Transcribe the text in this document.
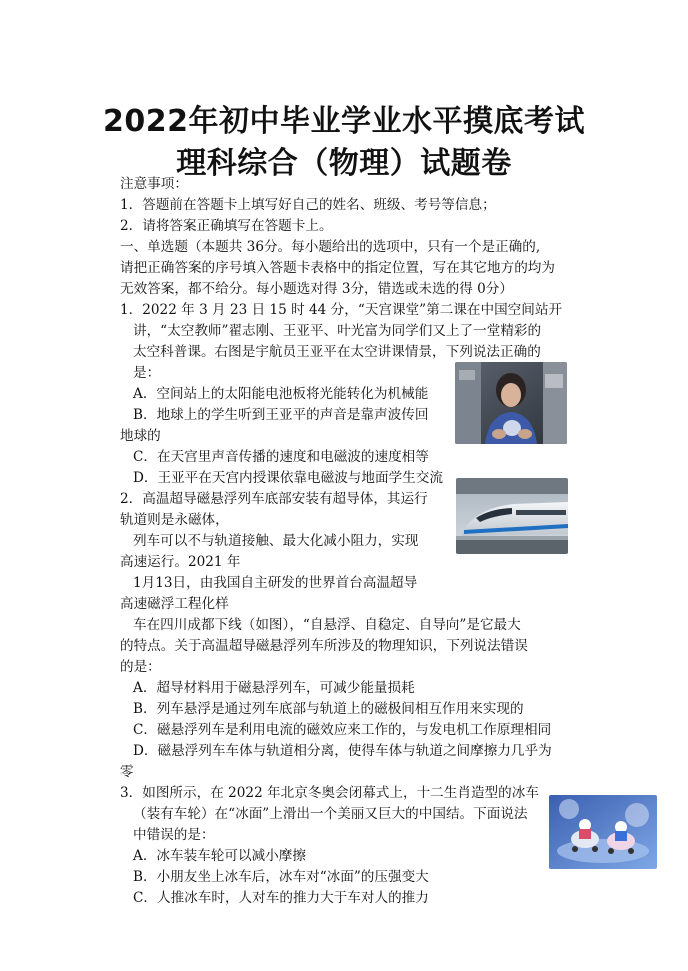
2022年初中毕业学业水平摸底考试
理科综合（物理）试题卷
注意事项：
1．答题前在答题卡上填写好自己的姓名、班级、考号等信息；
2．请将答案正确填写在答题卡上。
一、单选题（本题共 36分。每小题给出的选项中，只有一个是正确的,
请把正确答案的序号填入答题卡表格中的指定位置，写在其它地方的均为
无效答案，都不给分。每小题选对得 3分，错选或未选的得 0分）
1．2022 年 3 月 23 日 15 时 44 分，“天宫课堂”第二课在中国空间站开
讲，“太空教师”翟志刚、王亚平、叶光富为同学们又上了一堂精彩的
太空科普课。右图是宇航员王亚平在太空讲课情景，下列说法正确的
是：
A．空间站上的太阳能电池板将光能转化为机械能
B．地球上的学生听到王亚平的声音是靠声波传回
地球的
C．在天宫里声音传播的速度和电磁波的速度相等
D．王亚平在天宫内授课依靠电磁波与地面学生交流
2．高温超导磁悬浮列车底部安装有超导体，其运行
轨道则是永磁体，
列车可以不与轨道接触、最大化减小阻力，实现
高速运行。2021 年
1月13日，由我国自主研发的世界首台高温超导
高速磁浮工程化样
车在四川成都下线（如图），“自悬浮、自稳定、自导向”是它最大
的特点。关于高温超导磁悬浮列车所涉及的物理知识，下列说法错误
的是：
A．超导材料用于磁悬浮列车，可减少能量损耗
B．列车悬浮是通过列车底部与轨道上的磁极间相互作用来实现的
C．磁悬浮列车是利用电流的磁效应来工作的，与发电机工作原理相同
D．磁悬浮列车车体与轨道相分离，使得车体与轨道之间摩擦力几乎为
零
3．如图所示，在 2022 年北京冬奥会闭幕式上，十二生肖造型的冰车
（装有车轮）在“冰面”上滑出一个美丽又巨大的中国结。下面说法
中错误的是：
A．冰车装车轮可以减小摩擦
B．小朋友坐上冰车后，冰车对“冰面”的压强变大
C．人推冰车时，人对车的推力大于车对人的推力
